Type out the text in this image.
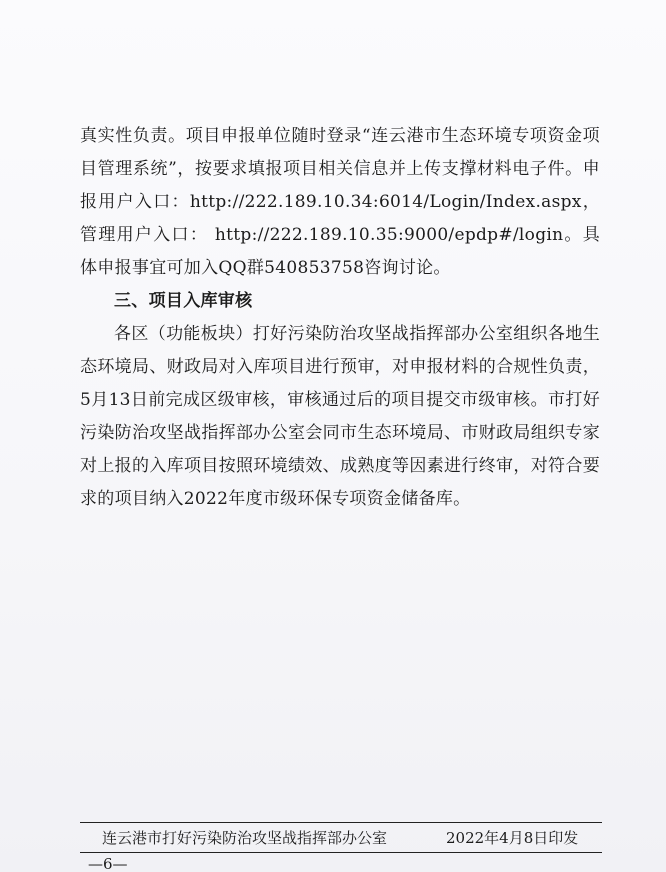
真实性负责。项目申报单位随时登录“连云港市生态环境专项资金项目管理系统”，按要求填报项目相关信息并上传支撑材料电子件。申报用户入口：http://222.189.10.34:6014/Login/Index.aspx，管理用户入口： http://222.189.10.35:9000/epdp#/login。具体申报事宜可加入QQ群540853758咨询讨论。

三、项目入库审核

各区（功能板块）打好污染防治攻坚战指挥部办公室组织各地生态环境局、财政局对入库项目进行预审，对申报材料的合规性负责， 5月13日前完成区级审核，审核通过后的项目提交市级审核。市打好污染防治攻坚战指挥部办公室会同市生态环境局、市财政局组织专家对上报的入库项目按照环境绩效、成熟度等因素进行终审，对符合要求的项目纳入2022年度市级环保专项资金储备库。

连云港市打好污染防治攻坚战指挥部办公室	2022年4月8日印发
—6—
